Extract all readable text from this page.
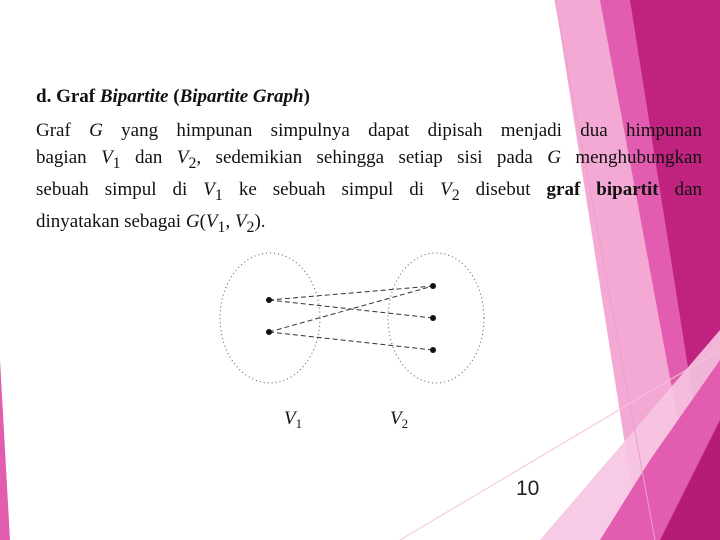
d. Graf Bipartite (Bipartite Graph)
Graf G yang himpunan simpulnya dapat dipisah menjadi dua himpunan
bagian $V_1$ dan $V_2$, sedemikian sehingga setiap sisi pada G menghubungkan
sebuah simpul di $V_1$ ke sebuah simpul di $V_2$ disebut graf bipartit dan
dinyatakan sebagai $G(V_1$, $V_2$).
$V_1$	$V_2$
10
